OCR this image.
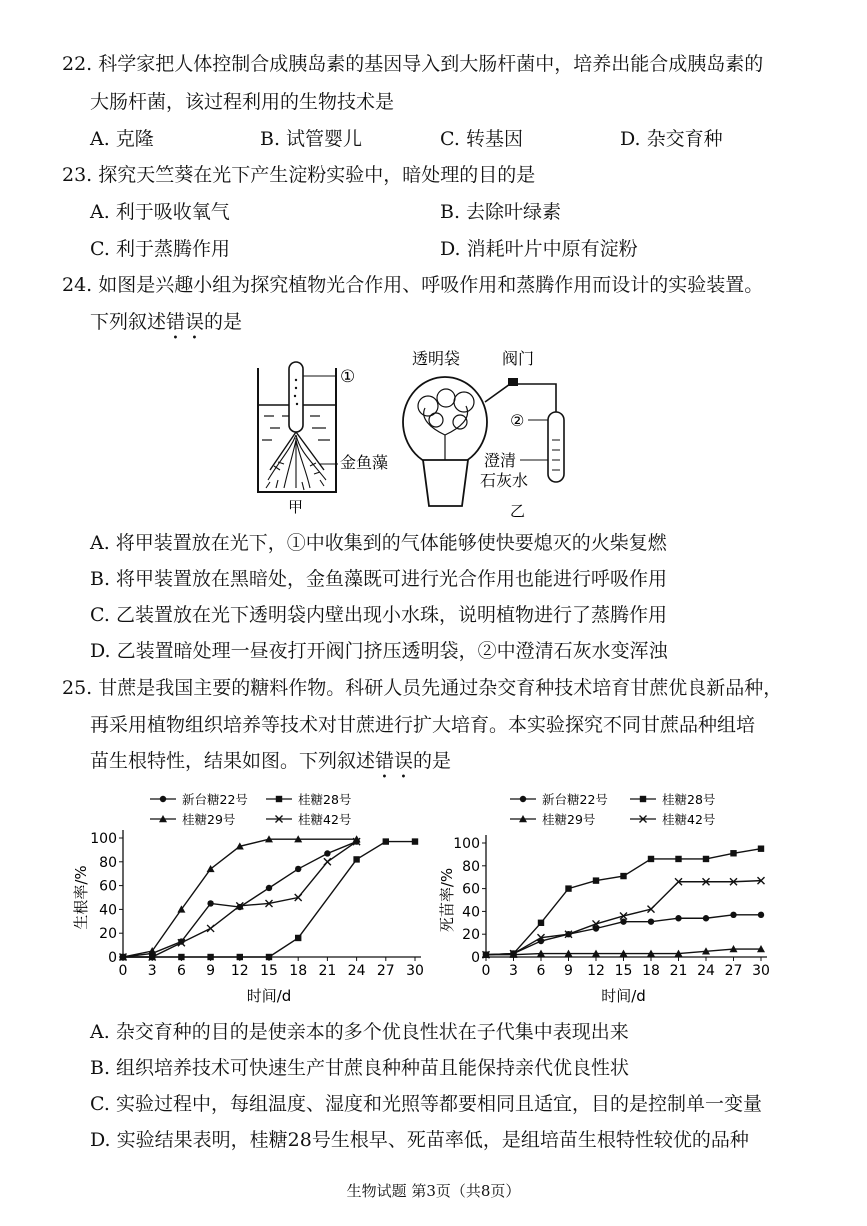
22. 科学家把人体控制合成胰岛素的基因导入到大肠杆菌中，培养出能合成胰岛素的
大肠杆菌，该过程利用的生物技术是
A. 克隆	B. 试管婴儿	C. 转基因	D. 杂交育种
23. 探究天竺葵在光下产生淀粉实验中，暗处理的目的是
A. 利于吸收氧气	B. 去除叶绿素
C. 利于蒸腾作用	D. 消耗叶片中原有淀粉
24. 如图是兴趣小组为探究植物光合作用、呼吸作用和蒸腾作用而设计的实验装置。
下列叙述错误的是
①
金鱼藻
甲
透明袋	阀门
②
澄清
石灰水
乙
A. 将甲装置放在光下，①中收集到的气体能够使快要熄灭的火柴复燃
B. 将甲装置放在黑暗处，金鱼藻既可进行光合作用也能进行呼吸作用
C. 乙装置放在光下透明袋内壁出现小水珠，说明植物进行了蒸腾作用
D. 乙装置暗处理一昼夜打开阀门挤压透明袋，②中澄清石灰水变浑浊
25. 甘蔗是我国主要的糖料作物。科研人员先通过杂交育种技术培育甘蔗优良新品种，
再采用植物组织培养等技术对甘蔗进行扩大培育。本实验探究不同甘蔗品种组培
苗生根特性，结果如图。下列叙述错误的是
0
20
40
60
80
100
0 3 6 9 12 15 18 21 24 27 30
生根率/%
时间/d
新台糖22号	桂糖28号
桂糖29号	桂糖42号
0
20
40
60
80
100
0 3 6 9 12 15 18 21 24 27 30
死苗率/%
时间/d
新台糖22号	桂糖28号
桂糖29号	桂糖42号
A. 杂交育种的目的是使亲本的多个优良性状在子代集中表现出来
B. 组织培养技术可快速生产甘蔗良种种苗且能保持亲代优良性状
C. 实验过程中，每组温度、湿度和光照等都要相同且适宜，目的是控制单一变量
D. 实验结果表明，桂糖28号生根早、死苗率低，是组培苗生根特性较优的品种
生物试题 第3页（共8页）
